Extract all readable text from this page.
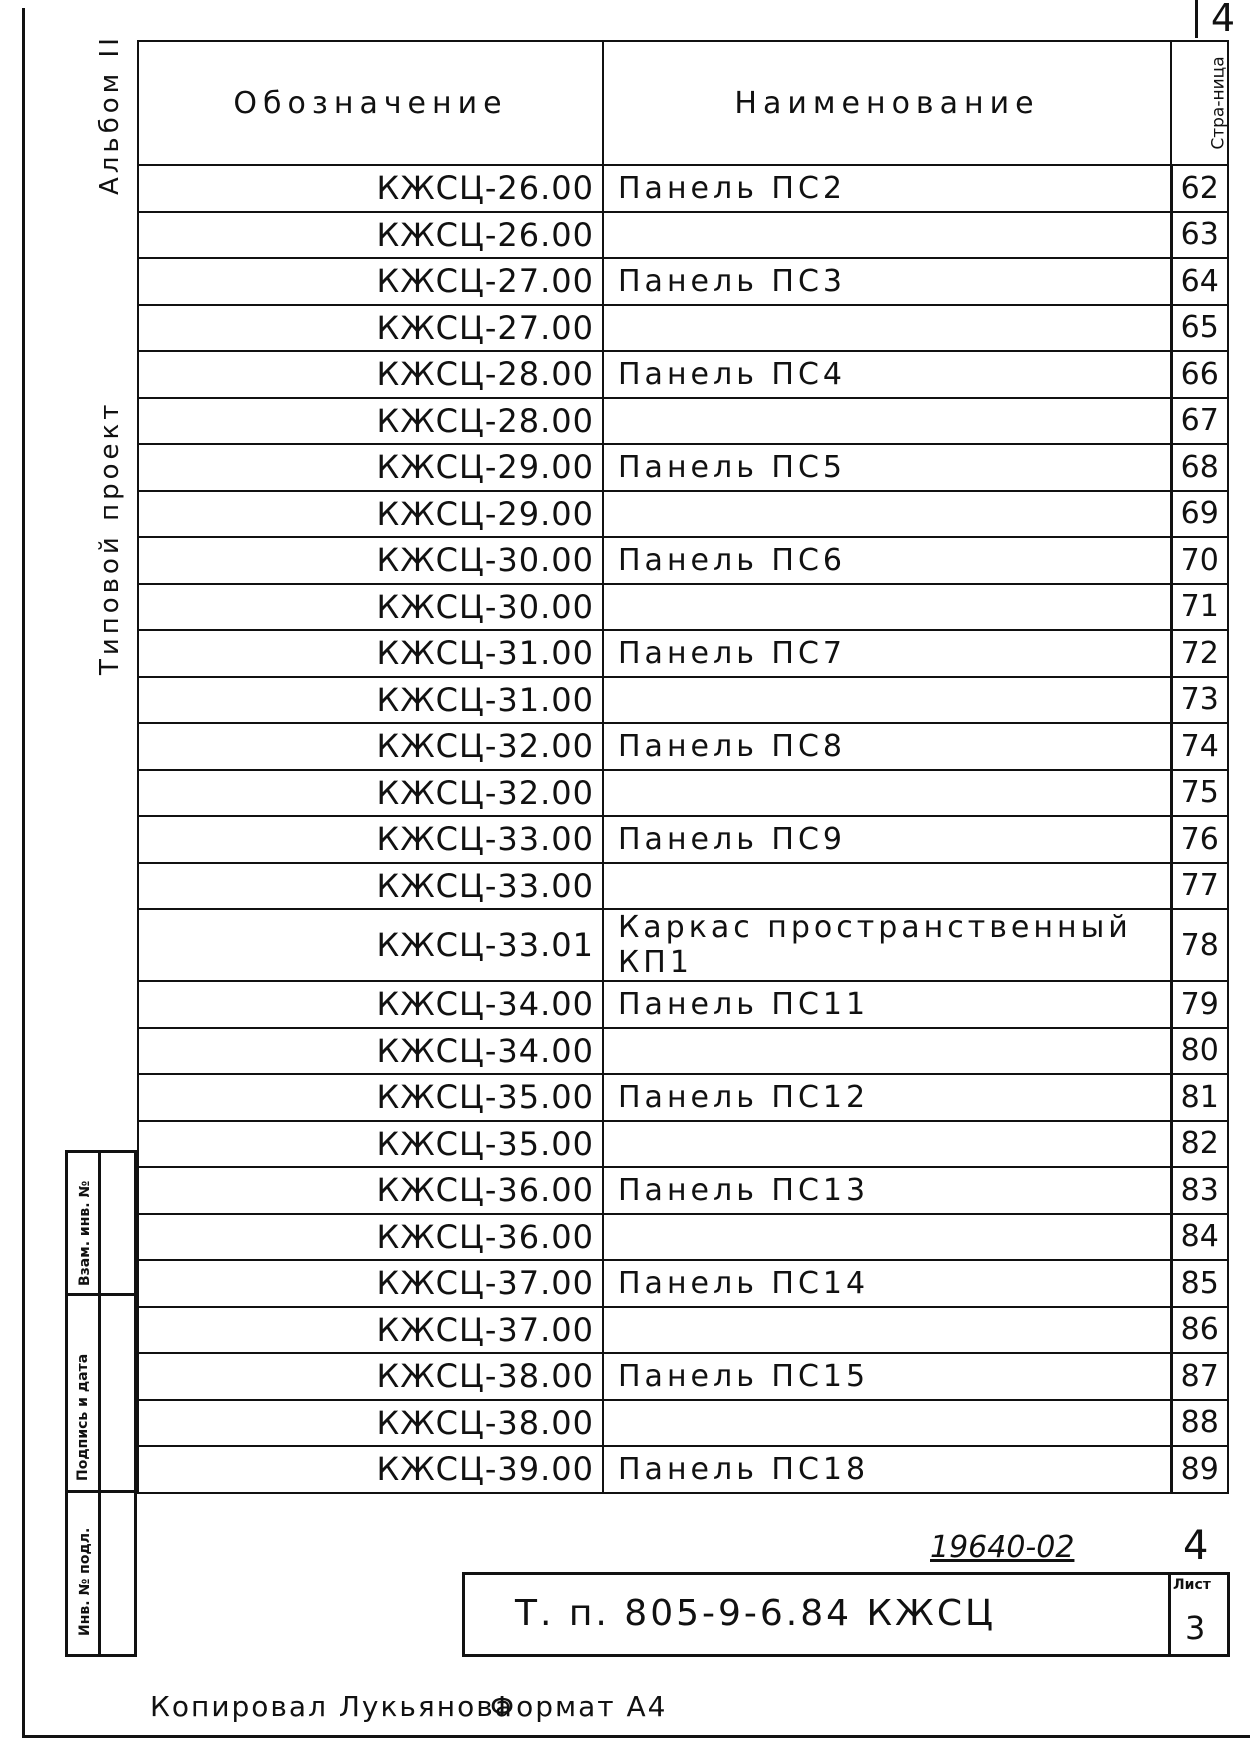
4
Альбом II
Типовой проект
Обозначение	Наименование	Стра-ница
КЖСЦ-26.00	Панель ПС2	62
КЖСЦ-26.00		63
КЖСЦ-27.00	Панель ПС3	64
КЖСЦ-27.00		65
КЖСЦ-28.00	Панель ПС4	66
КЖСЦ-28.00		67
КЖСЦ-29.00	Панель ПС5	68
КЖСЦ-29.00		69
КЖСЦ-30.00	Панель ПС6	70
КЖСЦ-30.00		71
КЖСЦ-31.00	Панель ПС7	72
КЖСЦ-31.00		73
КЖСЦ-32.00	Панель ПС8	74
КЖСЦ-32.00		75
КЖСЦ-33.00	Панель ПС9	76
КЖСЦ-33.00		77
КЖСЦ-33.01	Каркас пространственный КП1	78
КЖСЦ-34.00	Панель ПС11	79
КЖСЦ-34.00		80
КЖСЦ-35.00	Панель ПС12	81
КЖСЦ-35.00		82
КЖСЦ-36.00	Панель ПС13	83
КЖСЦ-36.00		84
КЖСЦ-37.00	Панель ПС14	85
КЖСЦ-37.00		86
КЖСЦ-38.00	Панель ПС15	87
КЖСЦ-38.00		88
КЖСЦ-39.00	Панель ПС18	89

Взам. инв. №
Подпись и дата
Инв. № подл.	19640-02	4
Т. п. 805-9-6.84 КЖСЦ
Лист
3
Копировал Лукьянова
Формат А4
